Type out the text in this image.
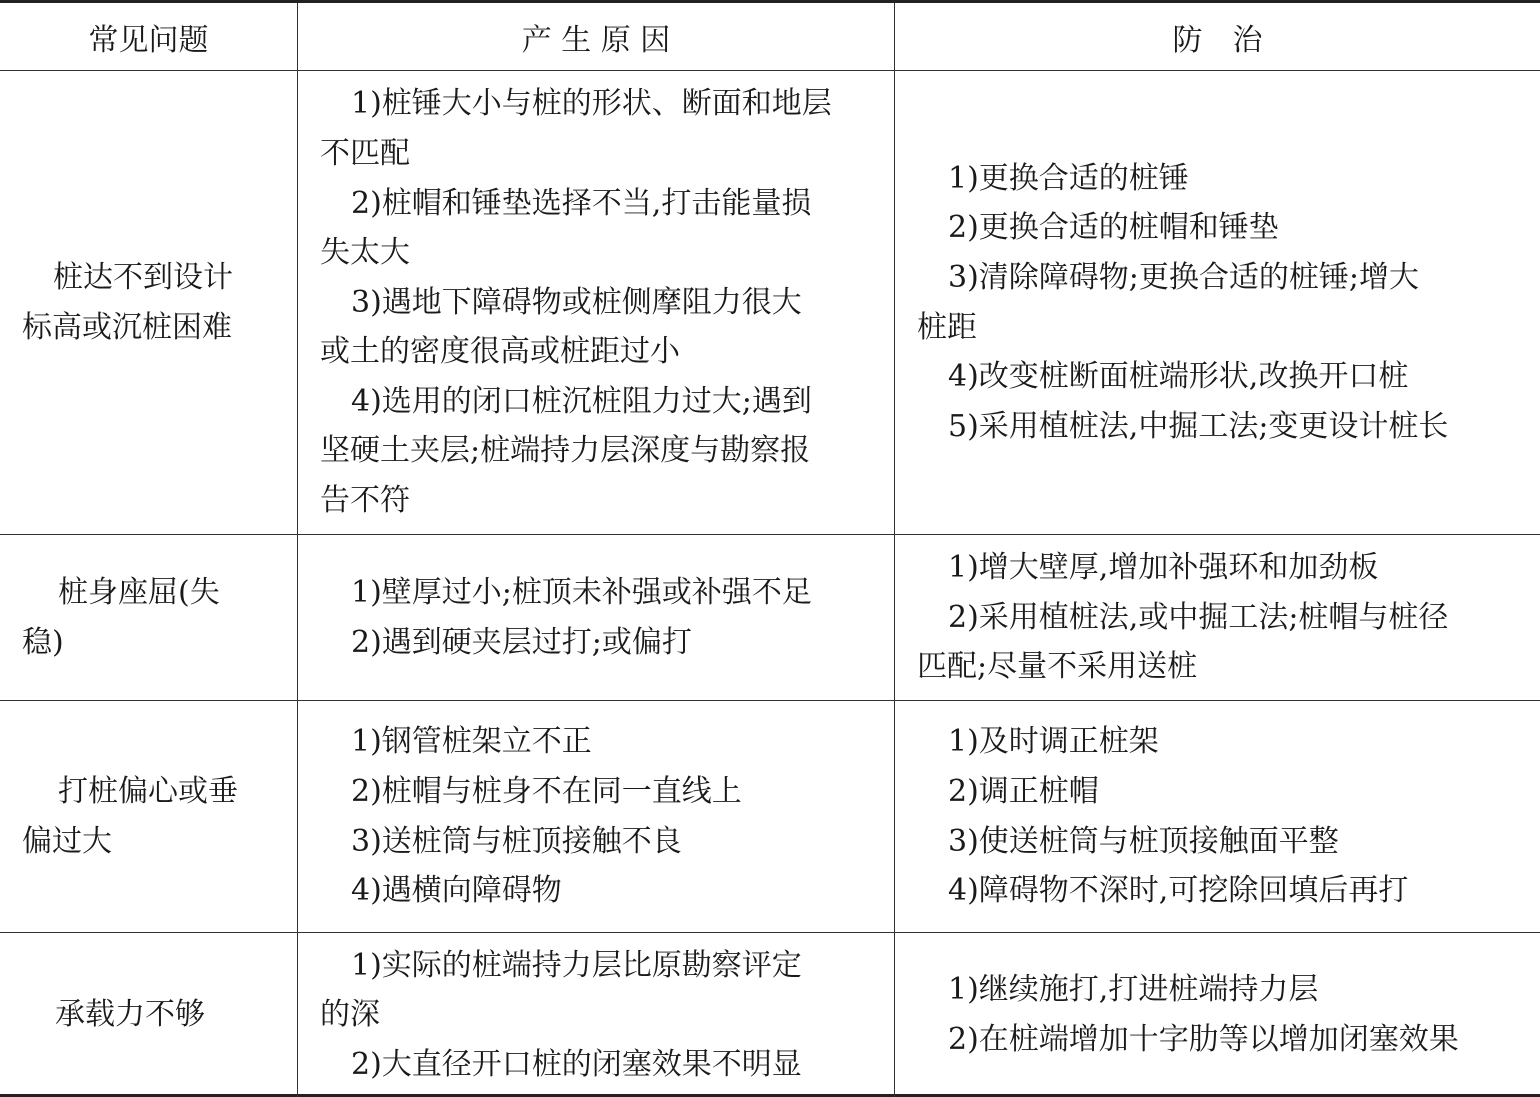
常见问题	产 生 原 因	防　治
桩达不到设计
标高或沉桩困难
1)桩锤大小与桩的形状、断面和地层
不匹配
2)桩帽和锤垫选择不当,打击能量损
失太大
3)遇地下障碍物或桩侧摩阻力很大
或土的密度很高或桩距过小
4)选用的闭口桩沉桩阻力过大;遇到
坚硬土夹层;桩端持力层深度与勘察报
告不符
1)更换合适的桩锤
2)更换合适的桩帽和锤垫
3)清除障碍物;更换合适的桩锤;增大
桩距
4)改变桩断面桩端形状,改换开口桩
5)采用植桩法,中掘工法;变更设计桩长
桩身座屈(失
稳)
1)壁厚过小;桩顶未补强或补强不足
2)遇到硬夹层过打;或偏打
1)增大壁厚,增加补强环和加劲板
2)采用植桩法,或中掘工法;桩帽与桩径
匹配;尽量不采用送桩
打桩偏心或垂
偏过大
1)钢管桩架立不正
2)桩帽与桩身不在同一直线上
3)送桩筒与桩顶接触不良
4)遇横向障碍物
1)及时调正桩架
2)调正桩帽
3)使送桩筒与桩顶接触面平整
4)障碍物不深时,可挖除回填后再打
承载力不够
1)实际的桩端持力层比原勘察评定
的深
2)大直径开口桩的闭塞效果不明显
1)继续施打,打进桩端持力层
2)在桩端增加十字肋等以增加闭塞效果
